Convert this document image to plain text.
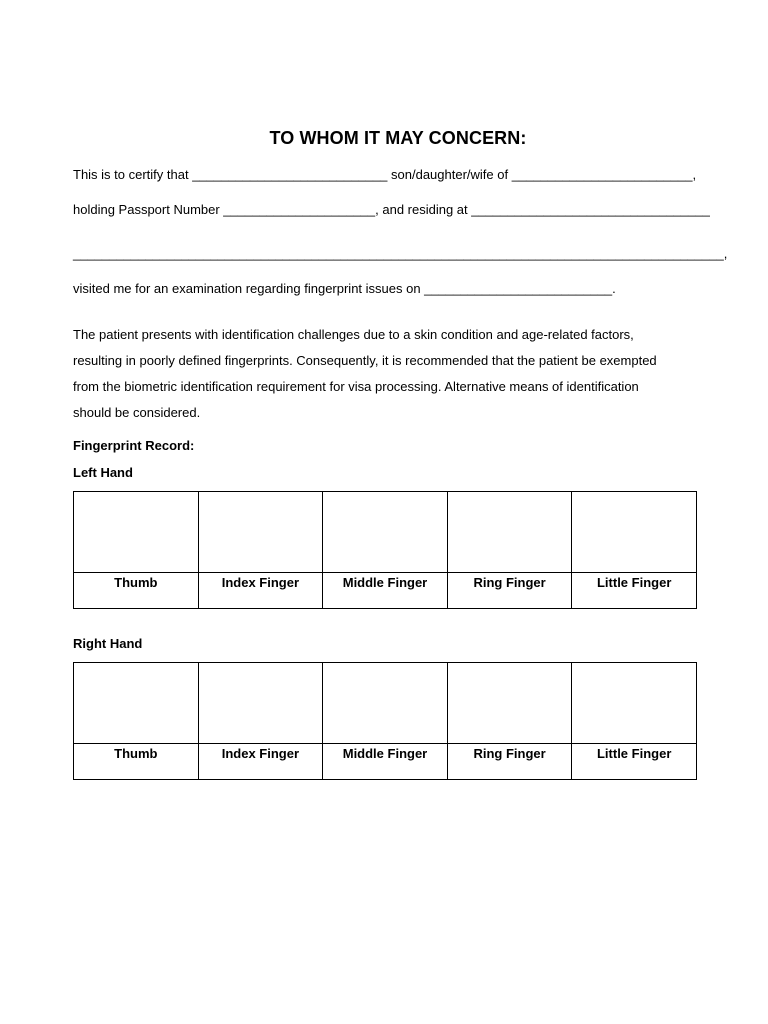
TO WHOM IT MAY CONCERN:
This is to certify that ___________________________ son/daughter/wife of _________________________,
holding Passport Number _____________________, and residing at _________________________________
__________________________________________________________________________________________,
visited me for an examination regarding fingerprint issues on __________________________.
The patient presents with identification challenges due to a skin condition and age-related factors,
resulting in poorly defined fingerprints. Consequently, it is recommended that the patient be exempted
from the biometric identification requirement for visa processing. Alternative means of identification
should be considered.
Fingerprint Record:
Left Hand

Thumb	Index Finger	Middle Finger	Ring Finger	Little Finger
Right Hand

Thumb	Index Finger	Middle Finger	Ring Finger	Little Finger
